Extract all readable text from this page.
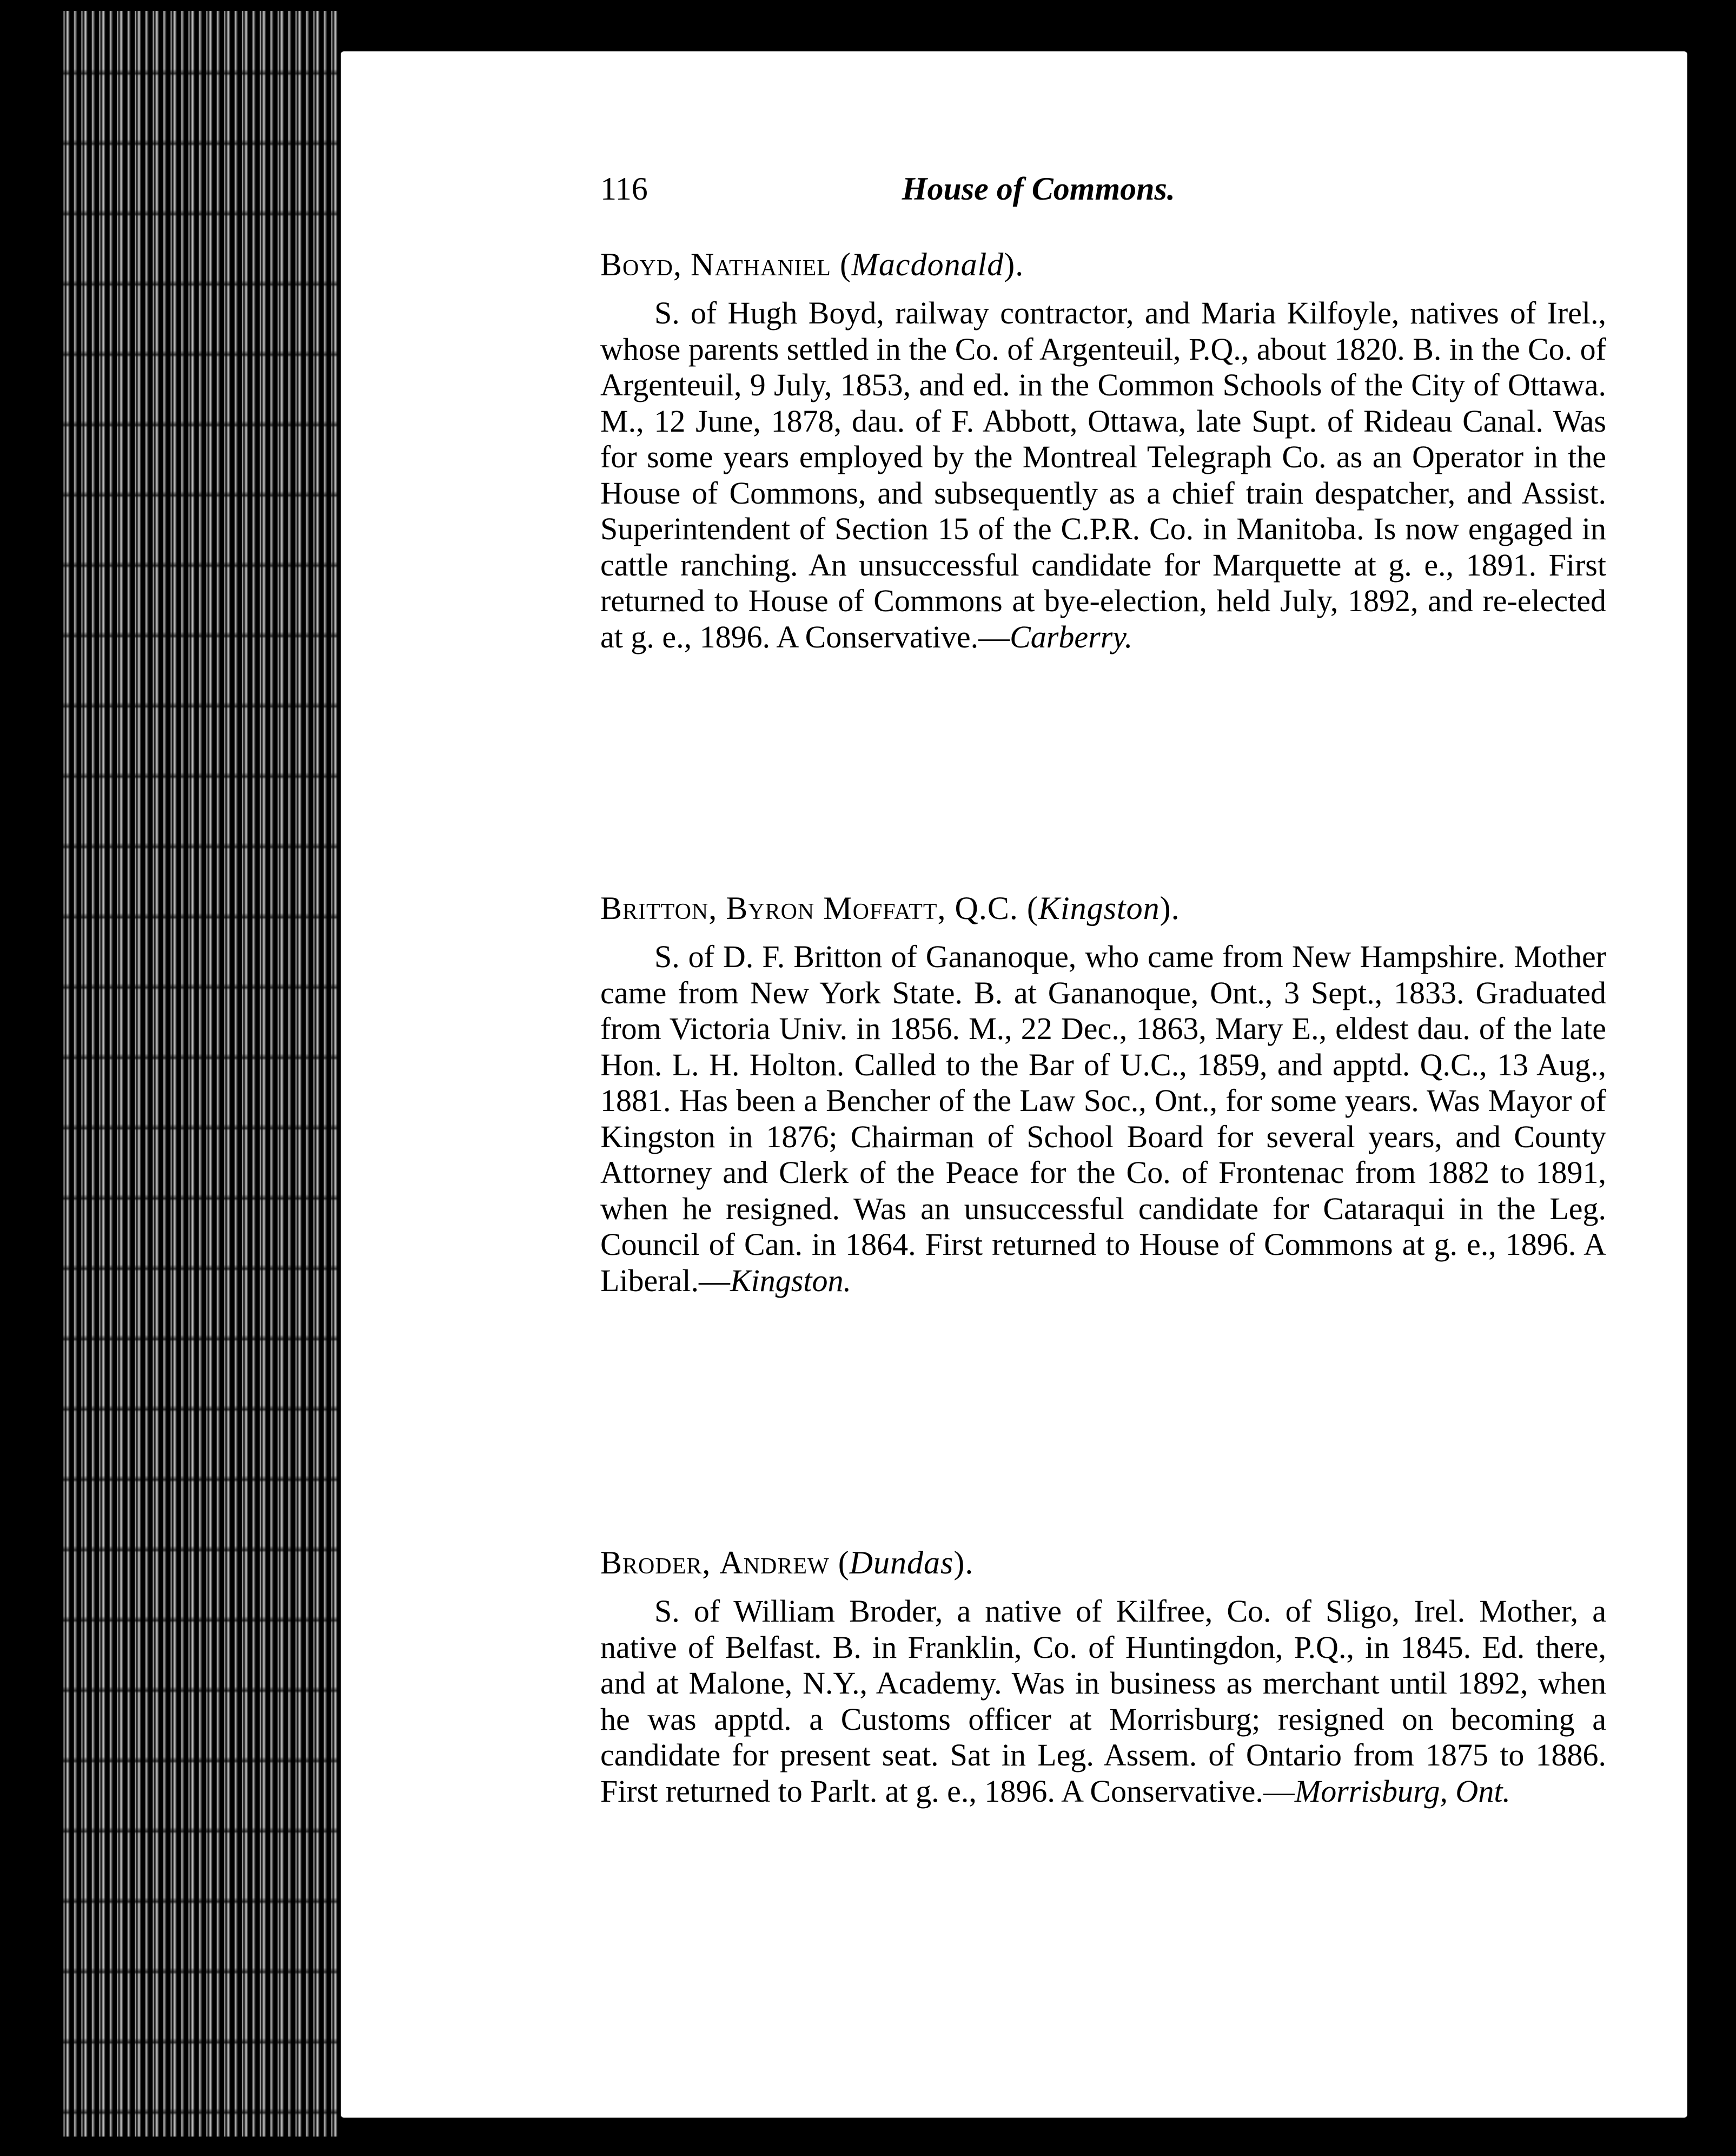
116	House of Commons.
Boyd, Nathaniel (Macdonald).

S. of Hugh Boyd, railway contractor, and Maria Kilfoyle, natives of Irel., whose parents settled in the Co. of Argenteuil, P.Q., about 1820. B. in the Co. of Argenteuil, 9 July, 1853, and ed. in the Common Schools of the City of Ottawa. M., 12 June, 1878, dau. of F. Abbott, Ottawa, late Supt. of Rideau Canal. Was for some years employed by the Montreal Telegraph Co. as an Operator in the House of Commons, and subsequently as a chief train despatcher, and Assist. Superintendent of Section 15 of the C.P.R. Co. in Manitoba. Is now engaged in cattle ranching. An unsuccessful candidate for Marquette at g. e., 1891. First returned to House of Commons at bye-election, held July, 1892, and re-elected at g. e., 1896. A Conservative.—Carberry.

Britton, Byron Moffatt, Q.C. (Kingston).

S. of D. F. Britton of Gananoque, who came from New Hampshire. Mother came from New York State. B. at Gananoque, Ont., 3 Sept., 1833. Graduated from Victoria Univ. in 1856. M., 22 Dec., 1863, Mary E., eldest dau. of the late Hon. L. H. Holton. Called to the Bar of U.C., 1859, and apptd. Q.C., 13 Aug., 1881. Has been a Bencher of the Law Soc., Ont., for some years. Was Mayor of Kingston in 1876; Chairman of School Board for several years, and County Attorney and Clerk of the Peace for the Co. of Frontenac from 1882 to 1891, when he resigned. Was an unsuccessful candidate for Cataraqui in the Leg. Council of Can. in 1864. First returned to House of Commons at g. e., 1896. A Liberal.—Kingston.

Broder, Andrew (Dundas).

S. of William Broder, a native of Kilfree, Co. of Sligo, Irel. Mother, a native of Belfast. B. in Franklin, Co. of Huntingdon, P.Q., in 1845. Ed. there, and at Malone, N.Y., Academy. Was in business as merchant until 1892, when he was apptd. a Customs officer at Morrisburg; resigned on becoming a candidate for present seat. Sat in Leg. Assem. of Ontario from 1875 to 1886. First returned to Parlt. at g. e., 1896. A Conservative.—Morrisburg, Ont.
